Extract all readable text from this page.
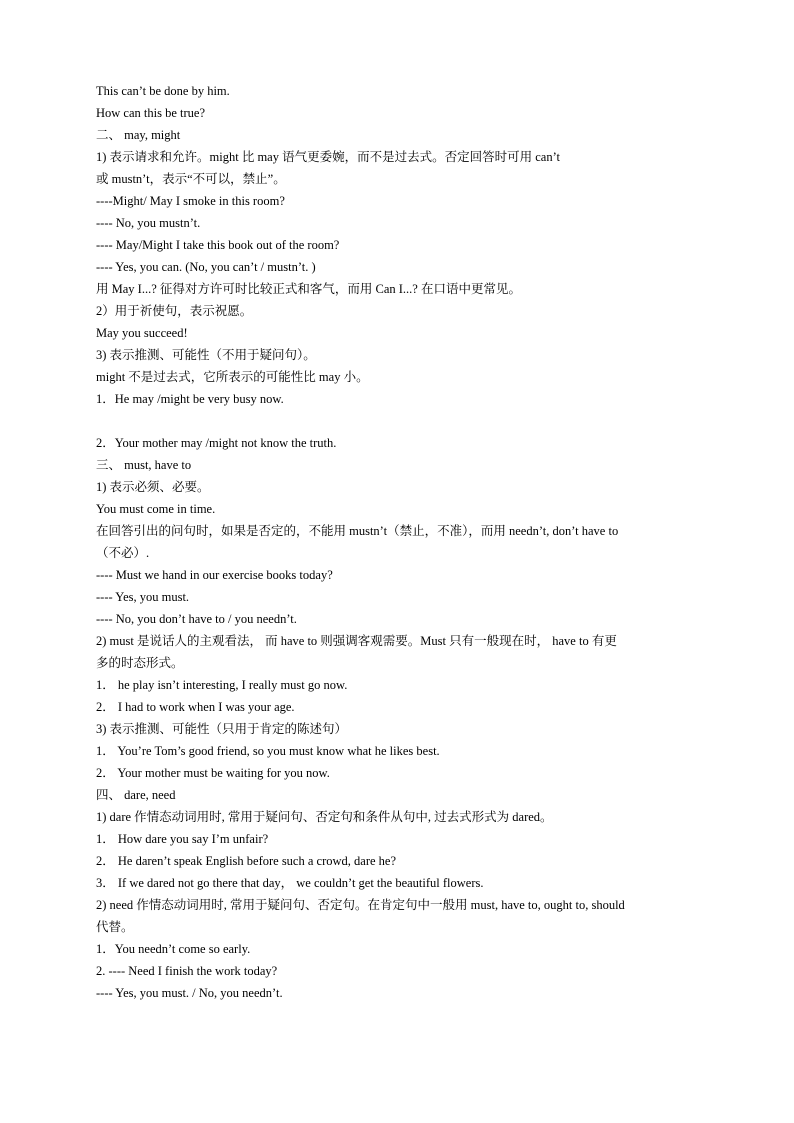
This can’t be done by him.
How can this be true?
二、 may, might
1) 表示请求和允许。might 比 may 语气更委婉，而不是过去式。否定回答时可用 can’t
或 mustn’t，表示“不可以，禁止”。
----Might/ May I smoke in this room?
---- No, you mustn’t.
---- May/Might I take this book out of the room?
---- Yes, you can. (No, you can’t / mustn’t. )
用 May I...? 征得对方许可时比较正式和客气，而用 Can I...? 在口语中更常见。
2）用于祈使句，表示祝愿。
May you succeed!
3) 表示推测、可能性（不用于疑问句）。
might 不是过去式，它所表示的可能性比 may 小。
1．He may /might be very busy now.
2．Your mother may /might not know the truth.
三、 must, have to
1) 表示必须、必要。
You must come in time.
在回答引出的问句时，如果是否定的，不能用 mustn’t（禁止，不准），而用 needn’t, don’t have to
（不必）.
---- Must we hand in our exercise books today?
---- Yes, you must.
---- No, you don’t have to / you needn’t.
2) must 是说话人的主观看法， 而 have to 则强调客观需要。Must 只有一般现在时， have to 有更
多的时态形式。
1． he play isn’t interesting, I really must go now.
2． I had to work when I was your age.
3) 表示推测、可能性（只用于肯定的陈述句）
1． You’re Tom’s good friend, so you must know what he likes best.
2． Your mother must be waiting for you now.
四、 dare, need
1) dare 作情态动词用时, 常用于疑问句、否定句和条件从句中, 过去式形式为 dared。
1． How dare you say I’m unfair?
2． He daren’t speak English before such a crowd, dare he?
3． If we dared not go there that day， we couldn’t get the beautiful flowers.
2) need 作情态动词用时, 常用于疑问句、否定句。在肯定句中一般用 must, have to, ought to, should
代替。
1．You needn’t come so early.
2. ---- Need I finish the work today?
---- Yes, you must. / No, you needn’t.
